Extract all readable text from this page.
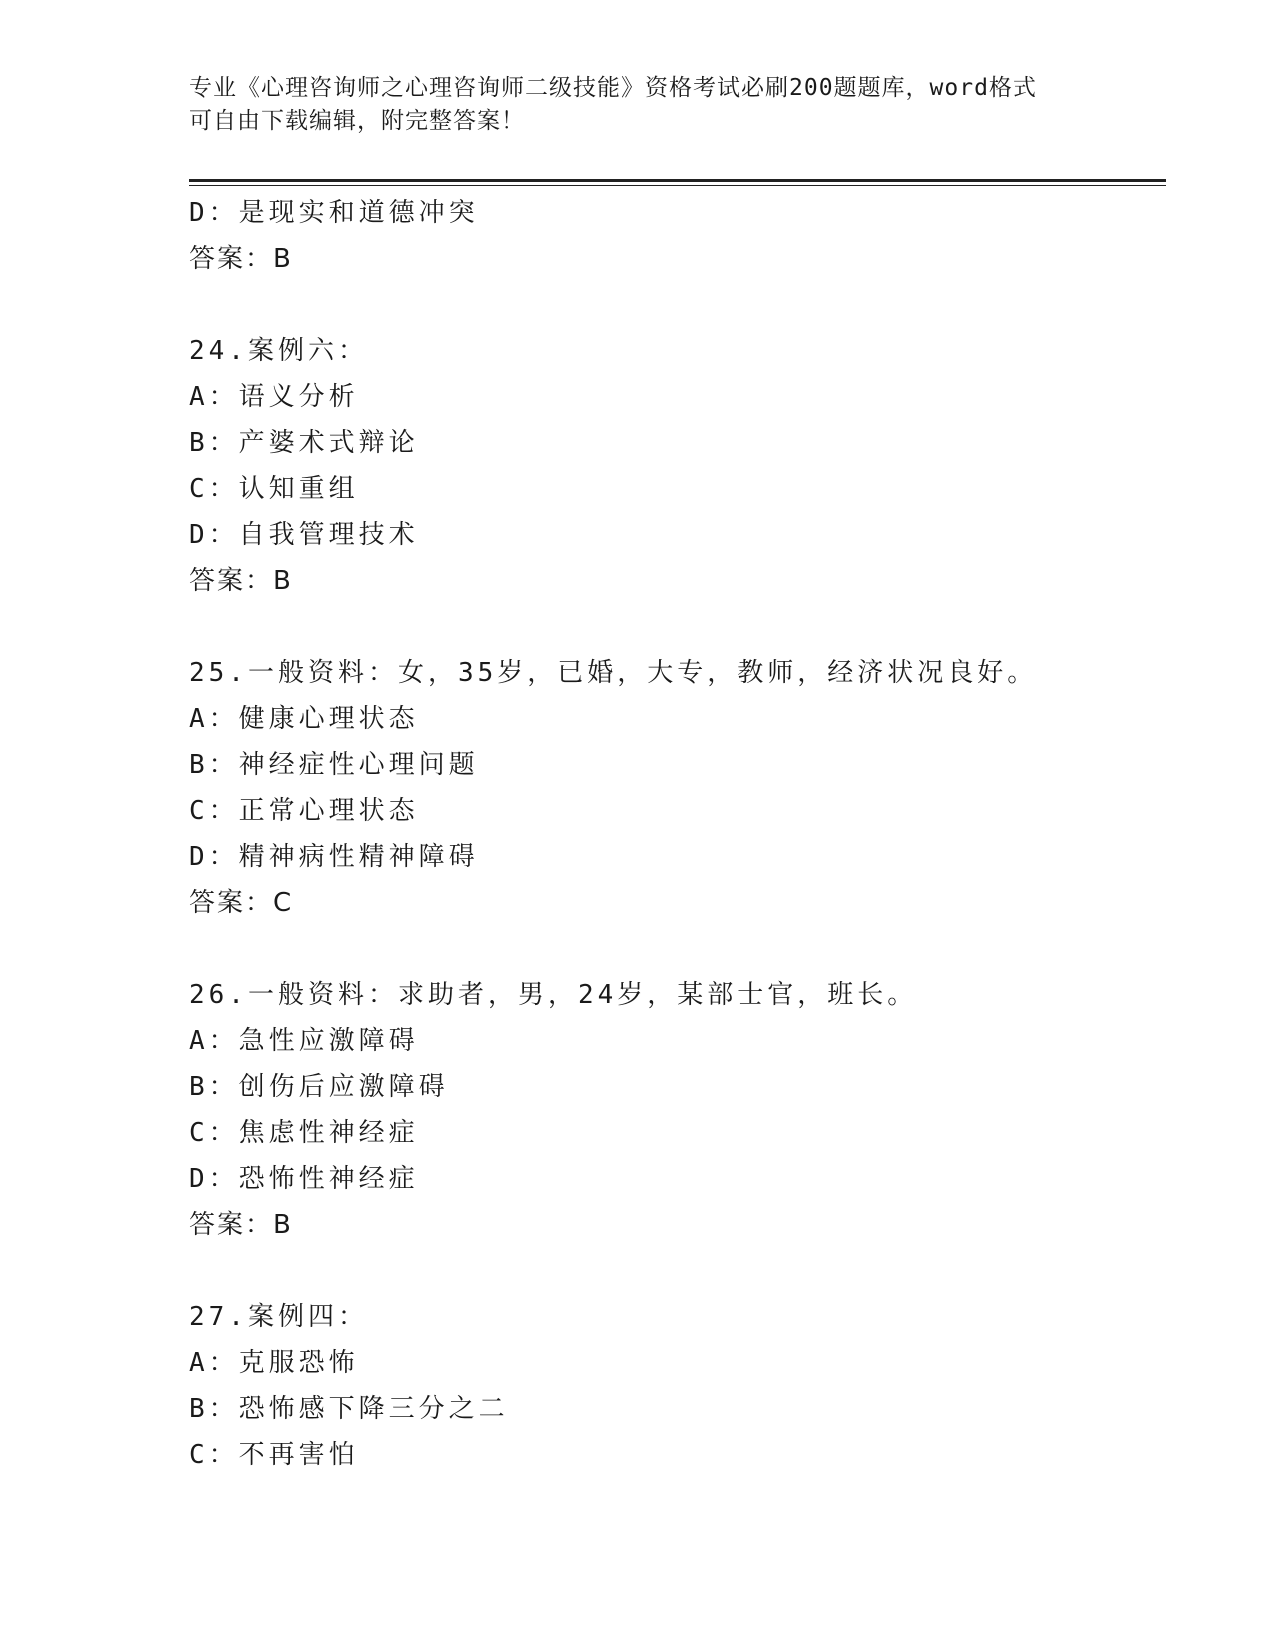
专业《心理咨询师之心理咨询师二级技能》资格考试必刷200题题库，word格式
可自由下载编辑，附完整答案！
D：是现实和道德冲突
答案：B
24.案例六：
A：语义分析
B：产婆术式辩论
C：认知重组
D：自我管理技术
答案：B
25.一般资料：女，35岁，已婚，大专，教师，经济状况良好。
A：健康心理状态
B：神经症性心理问题
C：正常心理状态
D：精神病性精神障碍
答案：C
26.一般资料：求助者，男，24岁，某部士官，班长。
A：急性应激障碍
B：创伤后应激障碍
C：焦虑性神经症
D：恐怖性神经症
答案：B
27.案例四：
A：克服恐怖
B：恐怖感下降三分之二
C：不再害怕
